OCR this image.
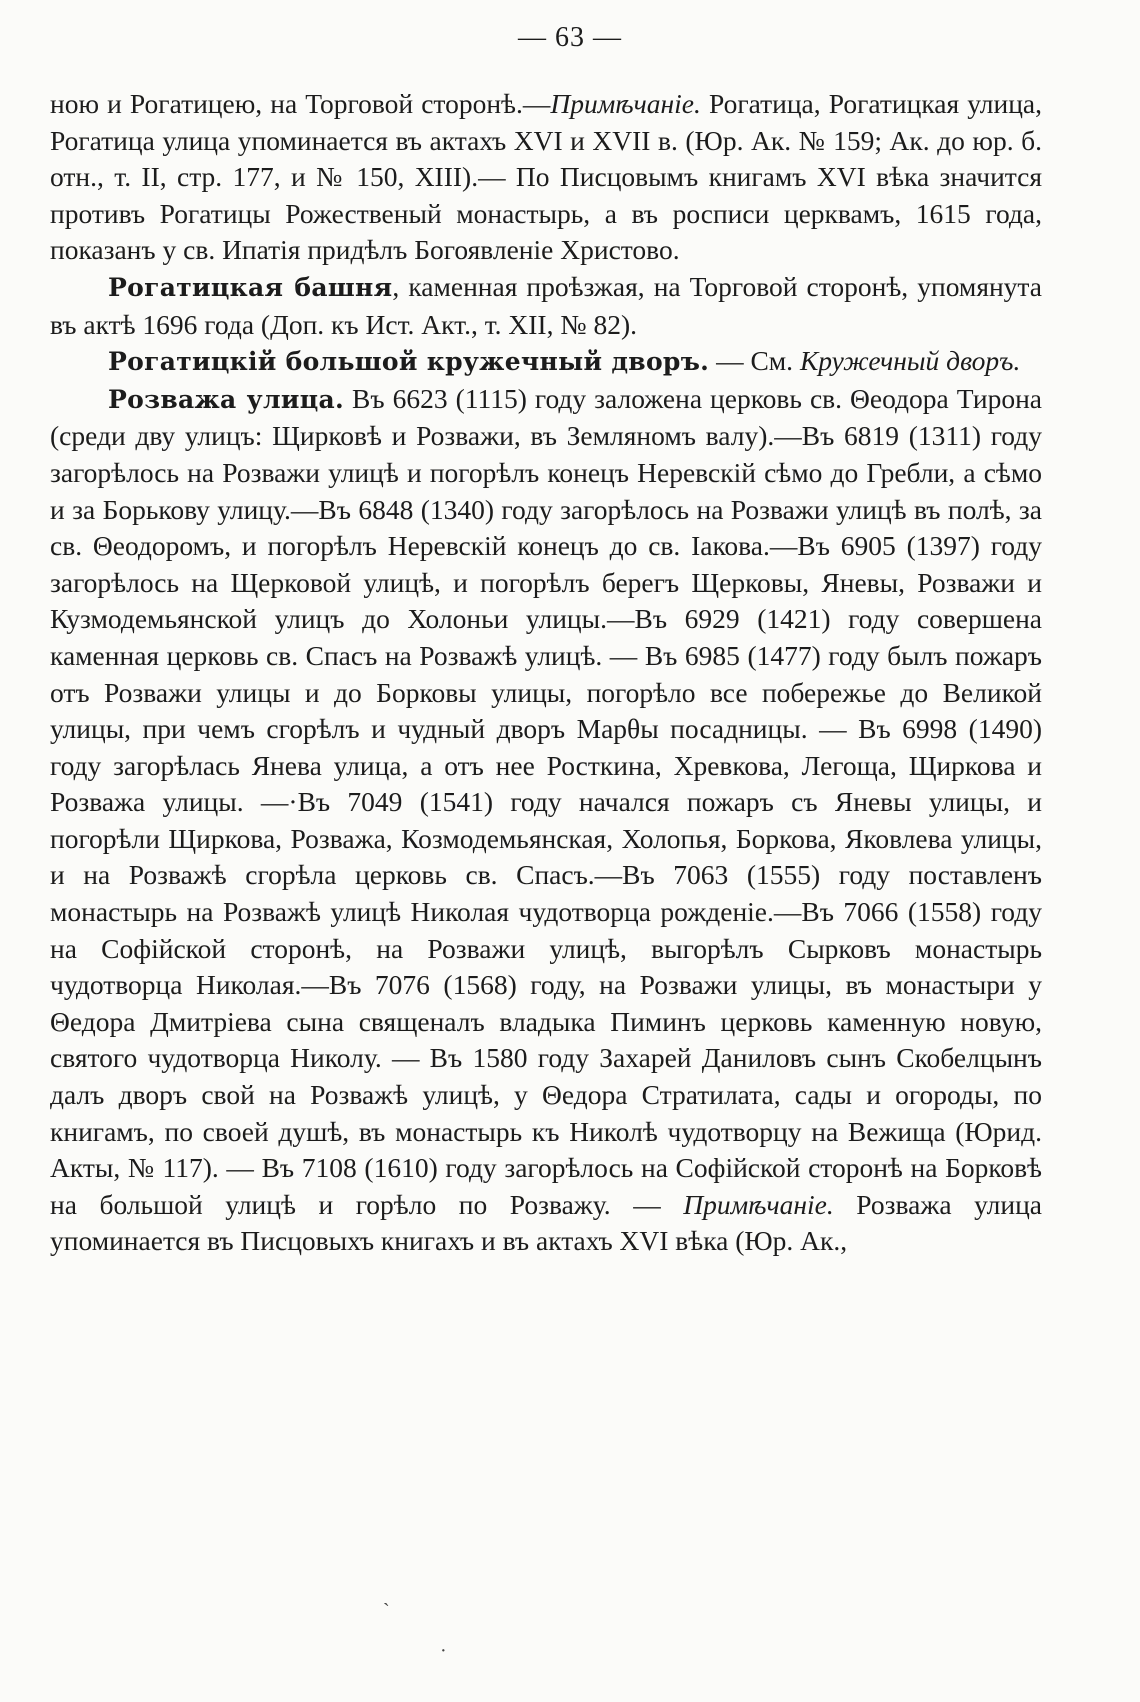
— 63 —

ною и Рогатицею, на Торговой сторонѣ.—Примѣчаніе. Рогатица, Рогатицкая улица, Рогатица улица упоминается въ актахъ XVI и XVII в. (Юр. Ак. № 159; Ак. до юр. б. отн., т. II, стр. 177, и № 150, XIII).— По Писцовымъ книгамъ XVI вѣка значится противъ Рогатицы Рожественый монастырь, а въ росписи церквамъ, 1615 года, показанъ у св. Ипатія придѣлъ Богоявленіе Христово.

Рогатицкая башня, каменная проѣзжая, на Торговой сторонѣ, упомянута въ актѣ 1696 года (Доп. къ Ист. Акт., т. XII, № 82).

Рогатицкій большой кружечный дворъ. — См. Кружечный дворъ.

Розважа улица. Въ 6623 (1115) году заложена церковь св. Θеодора Тирона (среди дву улицъ: Щирковѣ и Розважи, въ Земляномъ валу).—Въ 6819 (1311) году загорѣлось на Розважи улицѣ и погорѣлъ конецъ Неревскій сѣмо до Гребли, а сѣмо и за Борькову улицу.—Въ 6848 (1340) году загорѣлось на Розважи улицѣ въ полѣ, за св. Θеодоромъ, и погорѣлъ Неревскій конецъ до св. Іакова.—Въ 6905 (1397) году загорѣлось на Щерковой улицѣ, и погорѣлъ берегъ Щерковы, Яневы, Розважи и Кузмодемьянской улицъ до Холоньи улицы.—Въ 6929 (1421) году совершена каменная церковь св. Спасъ на Розважѣ улицѣ. — Въ 6985 (1477) году былъ пожаръ отъ Розважи улицы и до Борковы улицы, погорѣло все побережье до Великой улицы, при чемъ сгорѣлъ и чудный дворъ Марθы посадницы. — Въ 6998 (1490) году загорѣлась Янева улица, а отъ нее Росткина, Хревкова, Легоща, Щиркова и Розважа улицы. —·Въ 7049 (1541) году начался пожаръ съ Яневы улицы, и погорѣли Щиркова, Розважа, Козмодемьянская, Холопья, Боркова, Яковлева улицы, и на Розважѣ сгорѣла церковь св. Спасъ.—Въ 7063 (1555) году поставленъ монастырь на Розважѣ улицѣ Николая чудотворца рожденіе.—Въ 7066 (1558) году на Софійской сторонѣ, на Розважи улицѣ, выгорѣлъ Сырковъ монастырь чудотворца Николая.—Въ 7076 (1568) году, на Розважи улицы, въ монастыри у Θедора Дмитріева сына священалъ владыка Пиминъ церковь каменную новую, святого чудотворца Николу. — Въ 1580 году Захарей Даниловъ сынъ Скобелцынъ далъ дворъ свой на Розважѣ улицѣ, у Θедора Стратилата, сады и огороды, по книгамъ, по своей душѣ, въ монастырь къ Николѣ чудотворцу на Вежища (Юрид. Акты, № 117). — Въ 7108 (1610) году загорѣлось на Софійской сторонѣ на Борковѣ на большой улицѣ и горѣло по Розважу. — Примѣчаніе. Розважа улица упоминается въ Писцовыхъ книгахъ и въ актахъ XVI вѣка (Юр. Ак.,

ˋ
·
